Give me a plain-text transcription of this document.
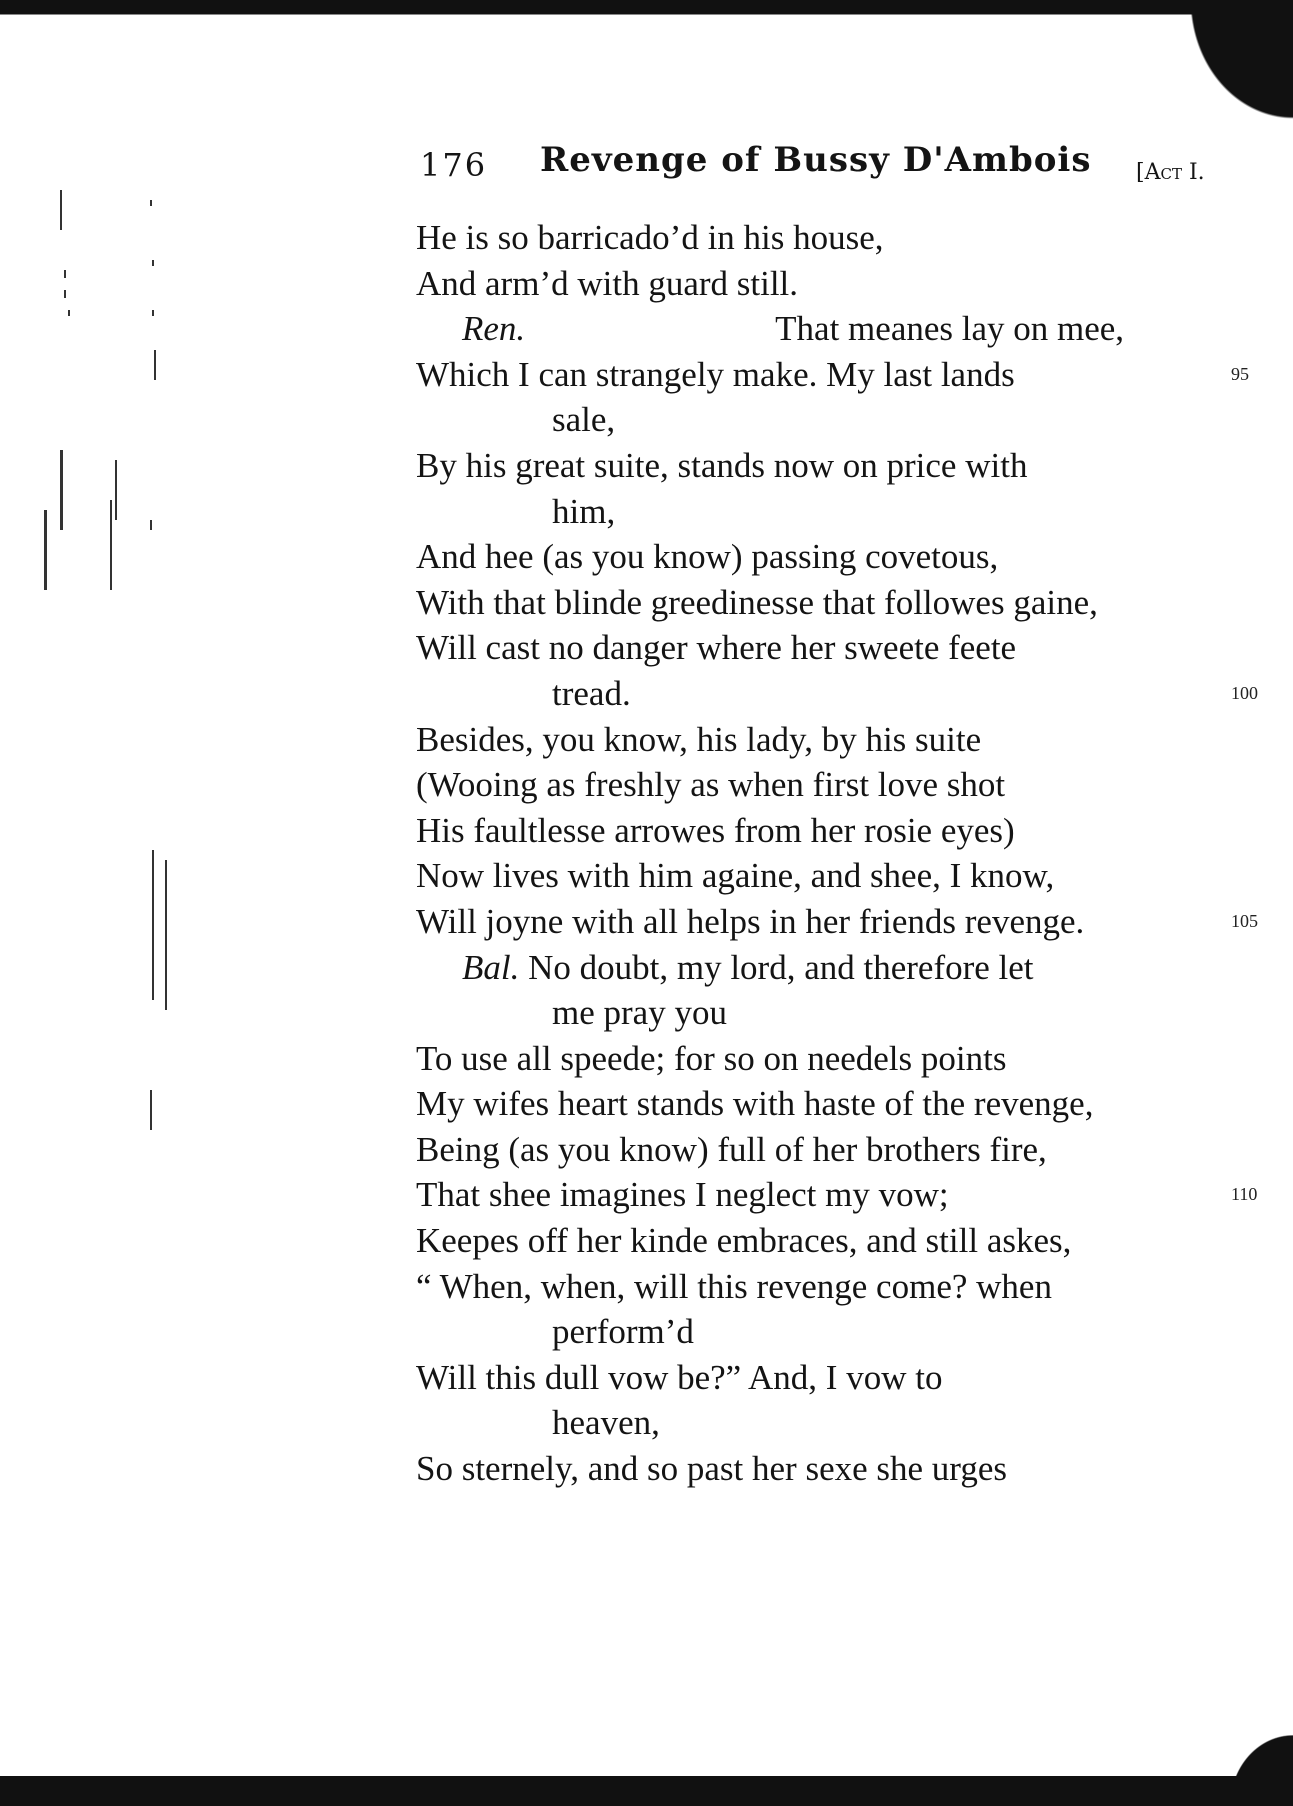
176 Revenge of Bussy D'Ambois [Act I.
He is so barricado’d in his house,
And arm’d with guard still.
Ren.	That meanes lay on mee,
Which I can strangely make. My last lands	95
sale,
By his great suite, stands now on price with
him,
And hee (as you know) passing covetous,
With that blinde greedinesse that followes gaine,
Will cast no danger where her sweete feete
tread.	100
Besides, you know, his lady, by his suite
(Wooing as freshly as when first love shot
His faultlesse arrowes from her rosie eyes)
Now lives with him againe, and shee, I know,
Will joyne with all helps in her friends revenge.	105
Bal. No doubt, my lord, and therefore let
me pray you
To use all speede; for so on needels points
My wifes heart stands with haste of the revenge,
Being (as you know) full of her brothers fire,
That shee imagines I neglect my vow;	110
Keepes off her kinde embraces, and still askes,
“ When, when, will this revenge come? when
perform’d
Will this dull vow be?” And, I vow to
heaven,
So sternely, and so past her sexe she urges
